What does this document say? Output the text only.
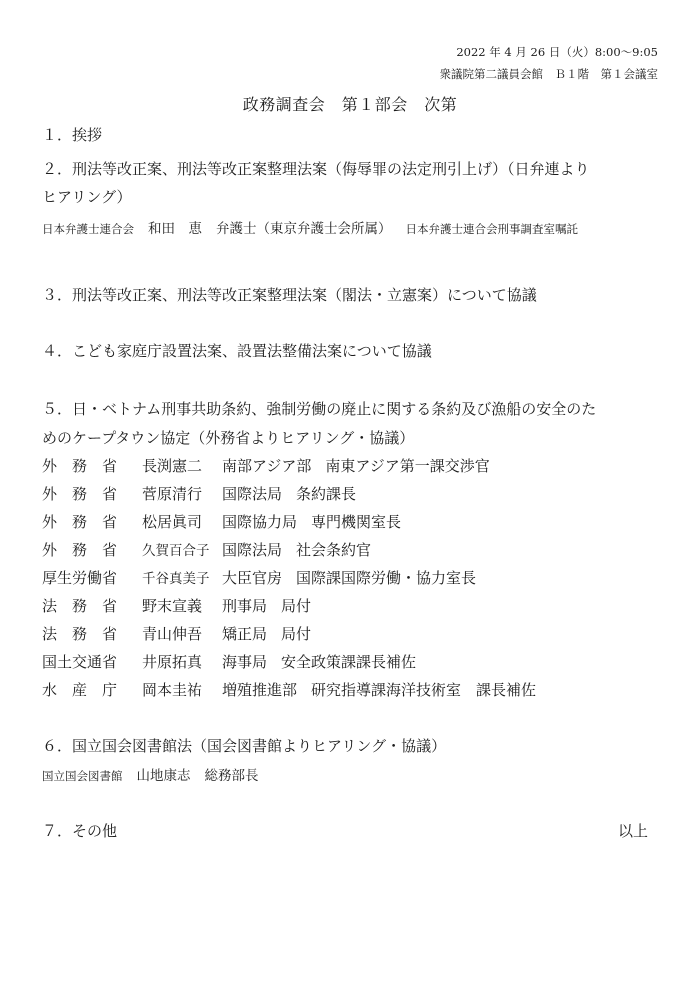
2022 年 4 月 26 日（火）8:00〜9:05
衆議院第二議員会館　Ｂ１階　第１会議室
政務調査会　第１部会　次第
１．挨拶
２．刑法等改正案、刑法等改正案整理法案（侮辱罪の法定刑引上げ）（日弁連より
ヒアリング）
日本弁護士連合会 和田　恵 弁護士（東京弁護士会所属） 日本弁護士連合会刑事調査室嘱託
３．刑法等改正案、刑法等改正案整理法案（閣法・立憲案）について協議
４．こども家庭庁設置法案、設置法整備法案について協議
５．日・ベトナム刑事共助条約、強制労働の廃止に関する条約及び漁船の安全のた
めのケープタウン協定（外務省よりヒアリング・協議）
外　務　省 長渕憲二 南部アジア部 南東アジア第一課交渉官
外　務　省 菅原清行 国際法局 条約課長
外　務　省 松居眞司 国際協力局 専門機関室長
外　務　省 久賀百合子 国際法局 社会条約官
厚生労働省 千谷真美子 大臣官房 国際課国際労働・協力室長
法　務　省 野末宣義 刑事局 局付
法　務　省 青山伸吾 矯正局 局付
国土交通省 井原拓真 海事局 安全政策課課長補佐
水　産　庁 岡本圭祐 増殖推進部 研究指導課海洋技術室　課長補佐
６．国立国会図書館法（国会図書館よりヒアリング・協議）
国立国会図書館 山地康志 総務部長
７．その他	以上
